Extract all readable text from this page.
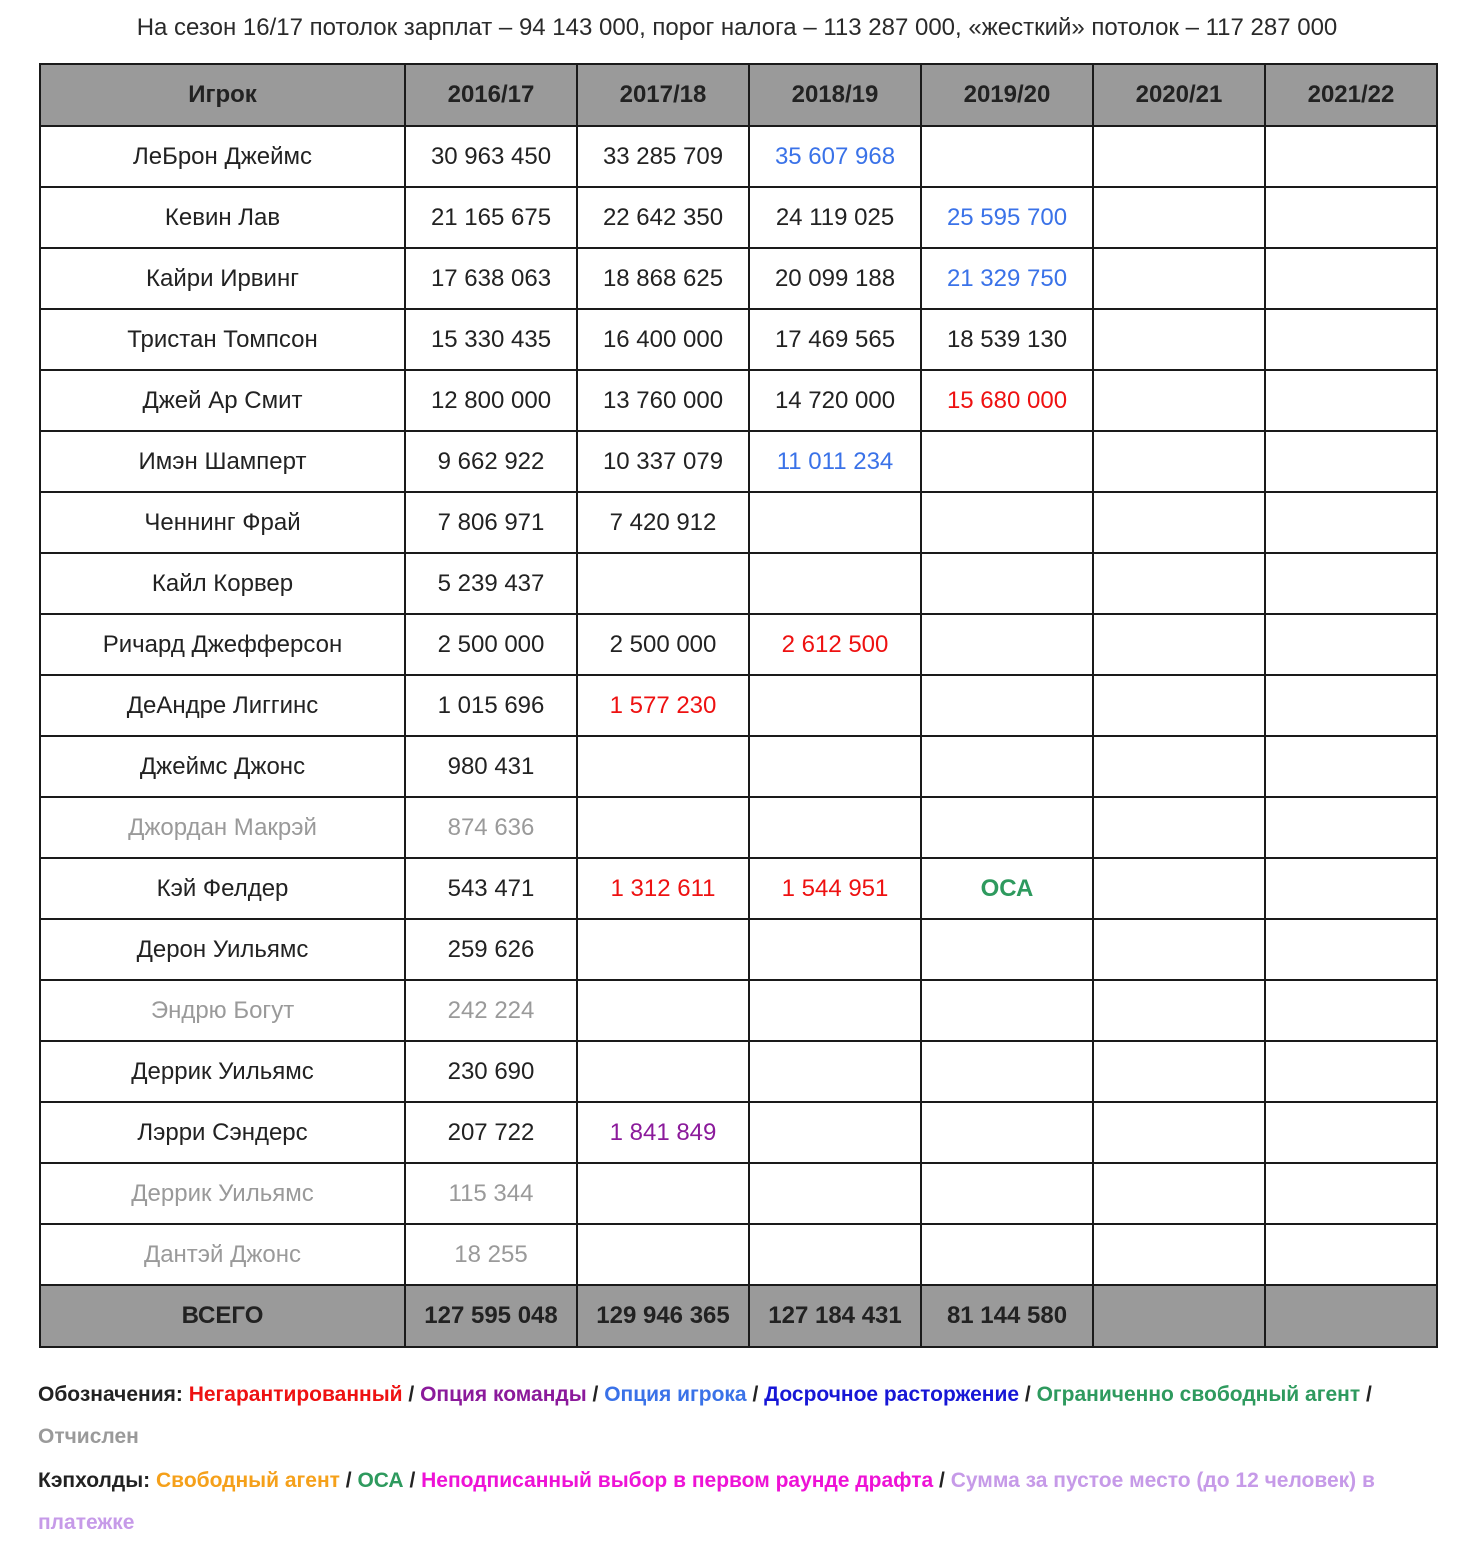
На сезон 16/17 потолок зарплат – 94 143 000, порог налога – 113 287 000, «жесткий» потолок – 117 287 000
Игрок	2016/17	2017/18	2018/19	2019/20	2020/21	2021/22
ЛеБрон Джеймс	30 963 450	33 285 709	35 607 968			
Кевин Лав	21 165 675	22 642 350	24 119 025	25 595 700		
Кайри Ирвинг	17 638 063	18 868 625	20 099 188	21 329 750		
Тристан Томпсон	15 330 435	16 400 000	17 469 565	18 539 130		
Джей Ар Смит	12 800 000	13 760 000	14 720 000	15 680 000		
Имэн Шамперт	9 662 922	10 337 079	11 011 234			
Ченнинг Фрай	7 806 971	7 420 912				
Кайл Корвер	5 239 437					
Ричард Джефферсон	2 500 000	2 500 000	2 612 500			
ДеАндре Лиггинс	1 015 696	1 577 230				
Джеймс Джонс	980 431					
Джордан Макрэй	874 636					
Кэй Фелдер	543 471	1 312 611	1 544 951	ОСА		
Дерон Уильямс	259 626					
Эндрю Богут	242 224					
Деррик Уильямс	230 690					
Лэрри Сэндерс	207 722	1 841 849				
Деррик Уильямс	115 344					
Дантэй Джонс	18 255					
ВСЕГО	127 595 048	129 946 365	127 184 431	81 144 580		
Обозначения: Негарантированный / Опция команды / Опция игрока / Досрочное расторжение / Ограниченно свободный агент / Отчислен
Кэпхолды: Свободный агент / ОСА / Неподписанный выбор в первом раунде драфта / Сумма за пустое место (до 12 человек) в платежке
